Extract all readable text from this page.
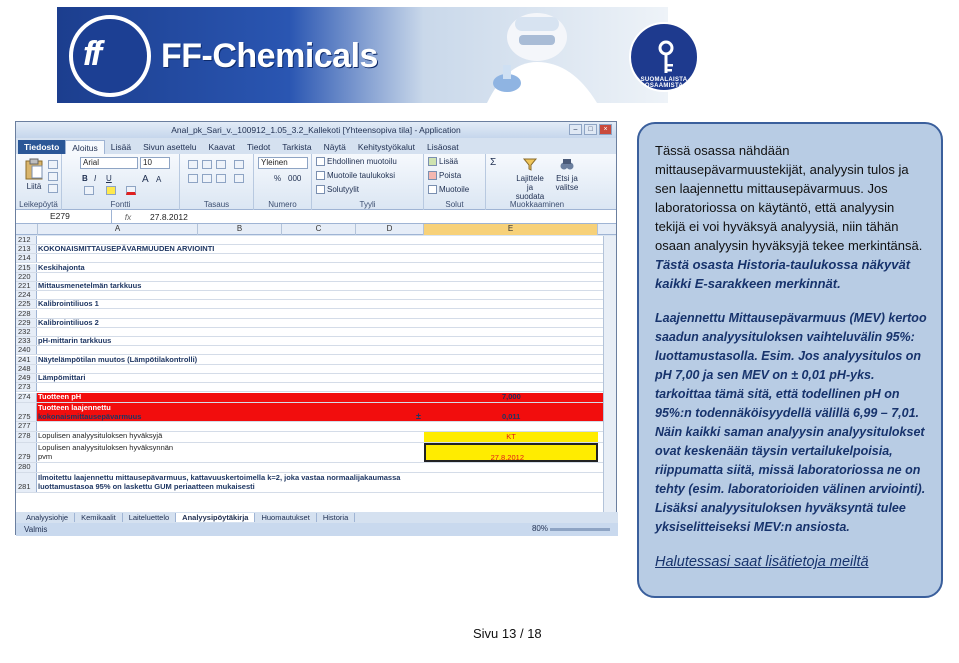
ff	FF-Chemicals
SUOMALAISTA OSAAMISTA
Anal_pk_Sari_v._100912_1.05_3.2_Kallekoti [Yhteensopiva tila] - Application	–	□	×
Tiedosto	Aloitus	Lisää	Sivun asettelu	Kaavat	Tiedot	Tarkista	Näytä	Kehitystyökalut	Lisäosat
Liitä
Leikepöytä
Arial	10
B I U	A A
Fontti	Tasaus
Yleinen
% 000
Numero
Ehdollinen muotoilu
Muotoile taulukoksi
Solutyylit
Tyyli
Lisää
Poista
Muotoile
Solut
Σ
Lajittele ja suodata
Etsi ja valitse
Muokkaaminen
E279	fx	27.8.2012
A	B	C	D	E
212
213 KOKONAISMITTAUSEPÄVARMUUDEN ARVIOINTI
214
215 Keskihajonta
220
221 Mittausmenetelmän tarkkuus
224
225 Kalibrointiliuos 1
228
229 Kalibrointiliuos 2
232
233 pH-mittarin tarkkuus
240
241 Näytelämpötilan muutos (Lämpötilakontrolli)
248
249 Lämpömittari
273
274 Tuotteen pH	7,000
275
Tuotteen laajennettu
kokonaismittausepävarmuus	±	0,011
277
278 Lopulisen analyysituloksen hyväksyjä	KT
279
Lopulisen analyysituloksen hyväksynnän
pvm	27.8.2012
280
281
Ilmoitettu laajennettu mittausepävarmuus, kattavuuskertoimella k=2, joka vastaa normaalijakaumassa
luottamustasoa 95% on laskettu GUM periaatteen mukaisesti
Analyysiohje	Kemikaalit	Laiteluettelo	Analyysipöytäkirja	Huomautukset	Historia
Valmis	80%

Tässä osassa nähdään mittausepävarmuustekijät, analyysin tulos ja sen laajennettu mittausepävarmuus. Jos laboratoriossa on käytäntö, että analyysin tekijä ei voi hyväksyä analyysiä, niin tähän osaan analyysin hyväksyjä tekee merkintänsä. Tästä osasta Historia-taulukossa näkyvät kaikki E-sarakkeen merkinnät.

Laajennettu Mittausepävarmuus (MEV) kertoo saadun analyysituloksen vaihteluvälin 95%: luottamustasolla. Esim. Jos analyysitulos on pH 7,00 ja sen MEV on ± 0,01 pH-yks. tarkoittaa tämä sitä, että todellinen pH on 95%:n todennäköisyydellä välillä 6,99 – 7,01. Näin kaikki saman analyysin analyysitulokset ovat keskenään täysin vertailukelpoisia, riippumatta siitä, missä laboratoriossa ne on tehty (esim. laboratorioiden välinen arviointi). Lisäksi analyysituloksen hyväksyntä tulee yksiselitteiseksi MEV:n ansiosta.

Halutessasi saat lisätietoja meiltä
Sivu 13 / 18
